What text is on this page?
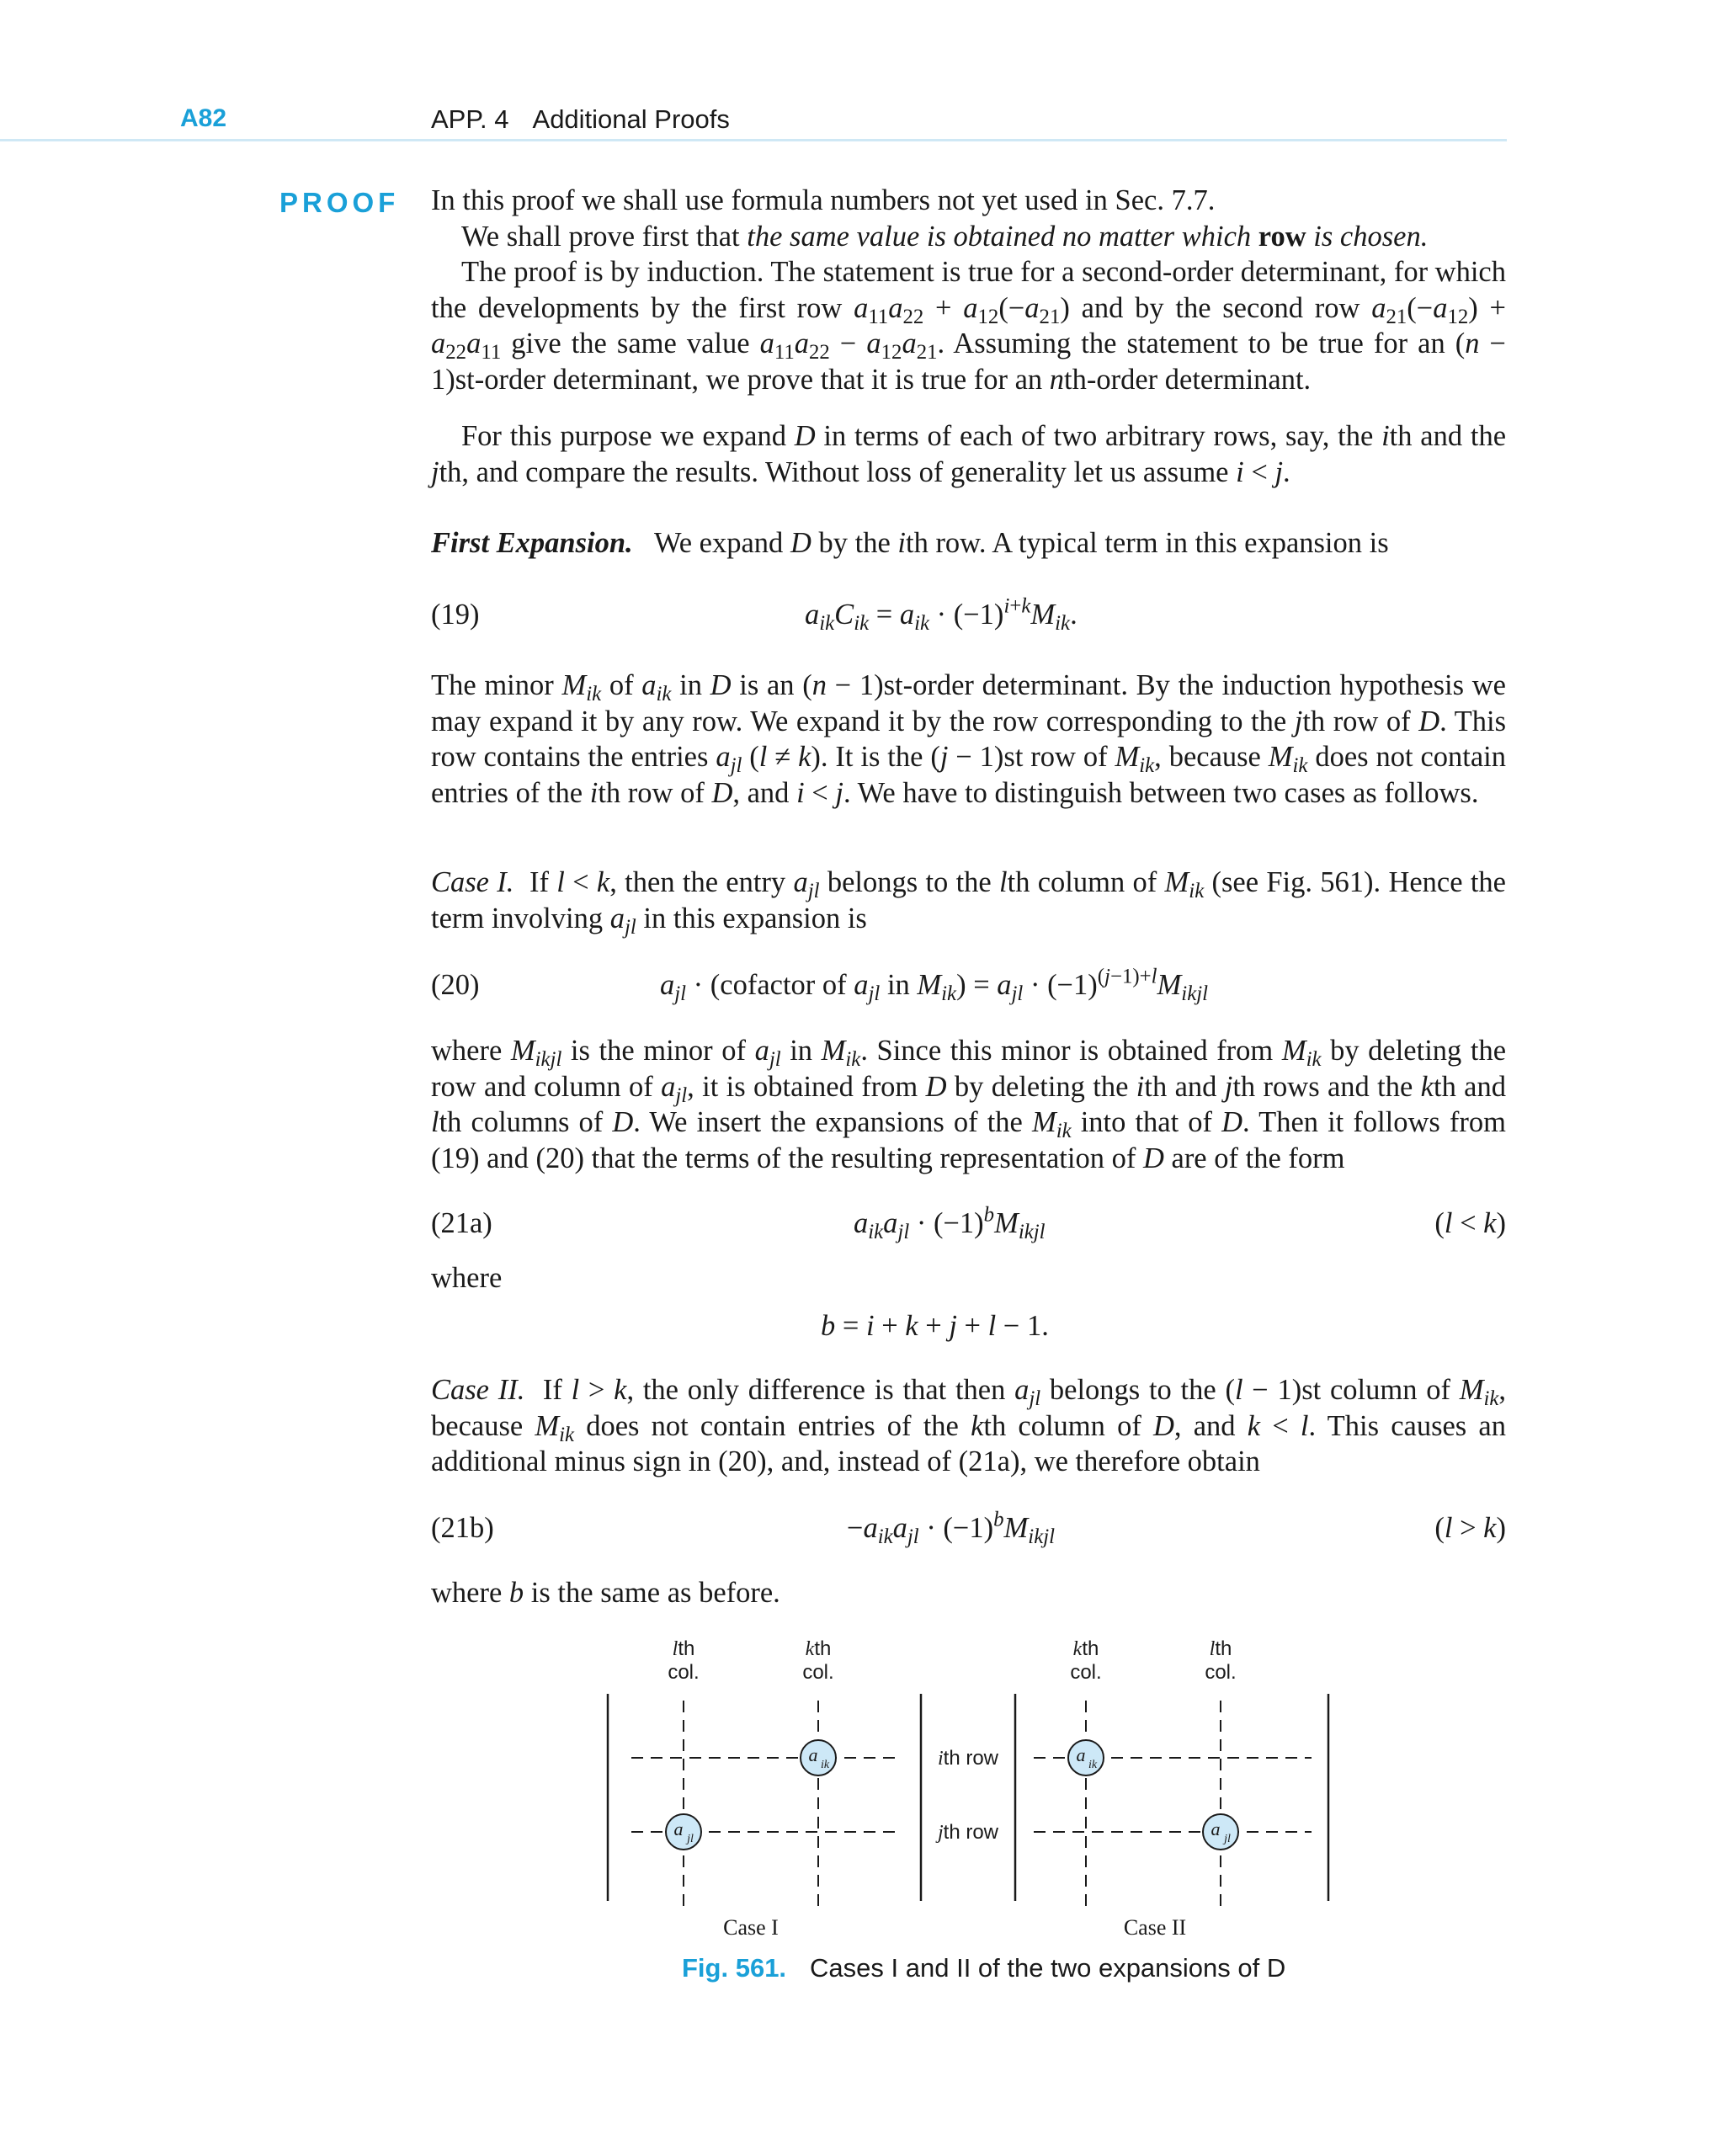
A82	APP. 4 Additional Proofs
PROOF In this proof we shall use formula numbers not yet used in Sec. 7.7.

We shall prove first that the same value is obtained no matter which row is chosen.

The proof is by induction. The statement is true for a second-order determinant, for which the developments by the first row $a_{11}a_{22} + a_{12}(-a_{21})$ and by the second row $a_{21}(-a_{12}) + a_{22}a_{11}$ give the same value $a_{11}a_{22} - a_{12}a_{21}$. Assuming the statement to be true for an (n − 1)st-order determinant, we prove that it is true for an nth-order determinant.

For this purpose we expand D in terms of each of two arbitrary rows, say, the ith and the jth, and compare the results. Without loss of generality let us assume i < j.

First Expansion.   We expand D by the ith row. A typical term in this expansion is

(19)	$a_{ik}C_{ik} = a_{ik} \cdot (-1)^{i+k}M_{ik}$.

The minor $M_{ik}$ of $a_{ik}$ in D is an (n − 1)st-order determinant. By the induction hypothesis we may expand it by any row. We expand it by the row corresponding to the jth row of D. This row contains the entries $a_{jl}$ (l ≠ k). It is the (j − 1)st row of $M_{ik}$, because $M_{ik}$ does not contain entries of the ith row of D, and i < j. We have to distinguish between two cases as follows.

Case I.  If l < k, then the entry $a_{jl}$ belongs to the lth column of $M_{ik}$ (see Fig. 561). Hence the term involving $a_{jl}$ in this expansion is

(20)	$a_{jl}$ · (cofactor of $a_{jl}$ in $M_{ik}) = a_{jl} \cdot (-1)^{(j-1)+l}M_{ikjl}$

where $M_{ikjl}$ is the minor of $a_{jl}$ in $M_{ik}$. Since this minor is obtained from $M_{ik}$ by deleting the row and column of $a_{jl}$, it is obtained from D by deleting the ith and jth rows and the kth and lth columns of D. We insert the expansions of the $M_{ik}$ into that of D. Then it follows from (19) and (20) that the terms of the resulting representation of D are of the form

(21a)	$a_{ik}a_{jl} \cdot (-1)^bM_{ikjl}$	(l < k)

where

b = i + k + j + l − 1.

Case II.  If l > k, the only difference is that then $a_{jl}$ belongs to the (l − 1)st column of $M_{ik}$, because $M_{ik}$ does not contain entries of the kth column of D, and k < l. This causes an additional minus sign in (20), and, instead of (21a), we therefore obtain

(21b)	$-a_{ik}a_{jl} \cdot (-1)^bM_{ikjl}$	(l > k)

where b is the same as before.

lth
col.
kth
col.
kth
col.
lth
col.
ith row
jth row
a ik
a jl
a ik
a jl
Case I	Case II
Fig. 561. Cases I and II of the two expansions of D
